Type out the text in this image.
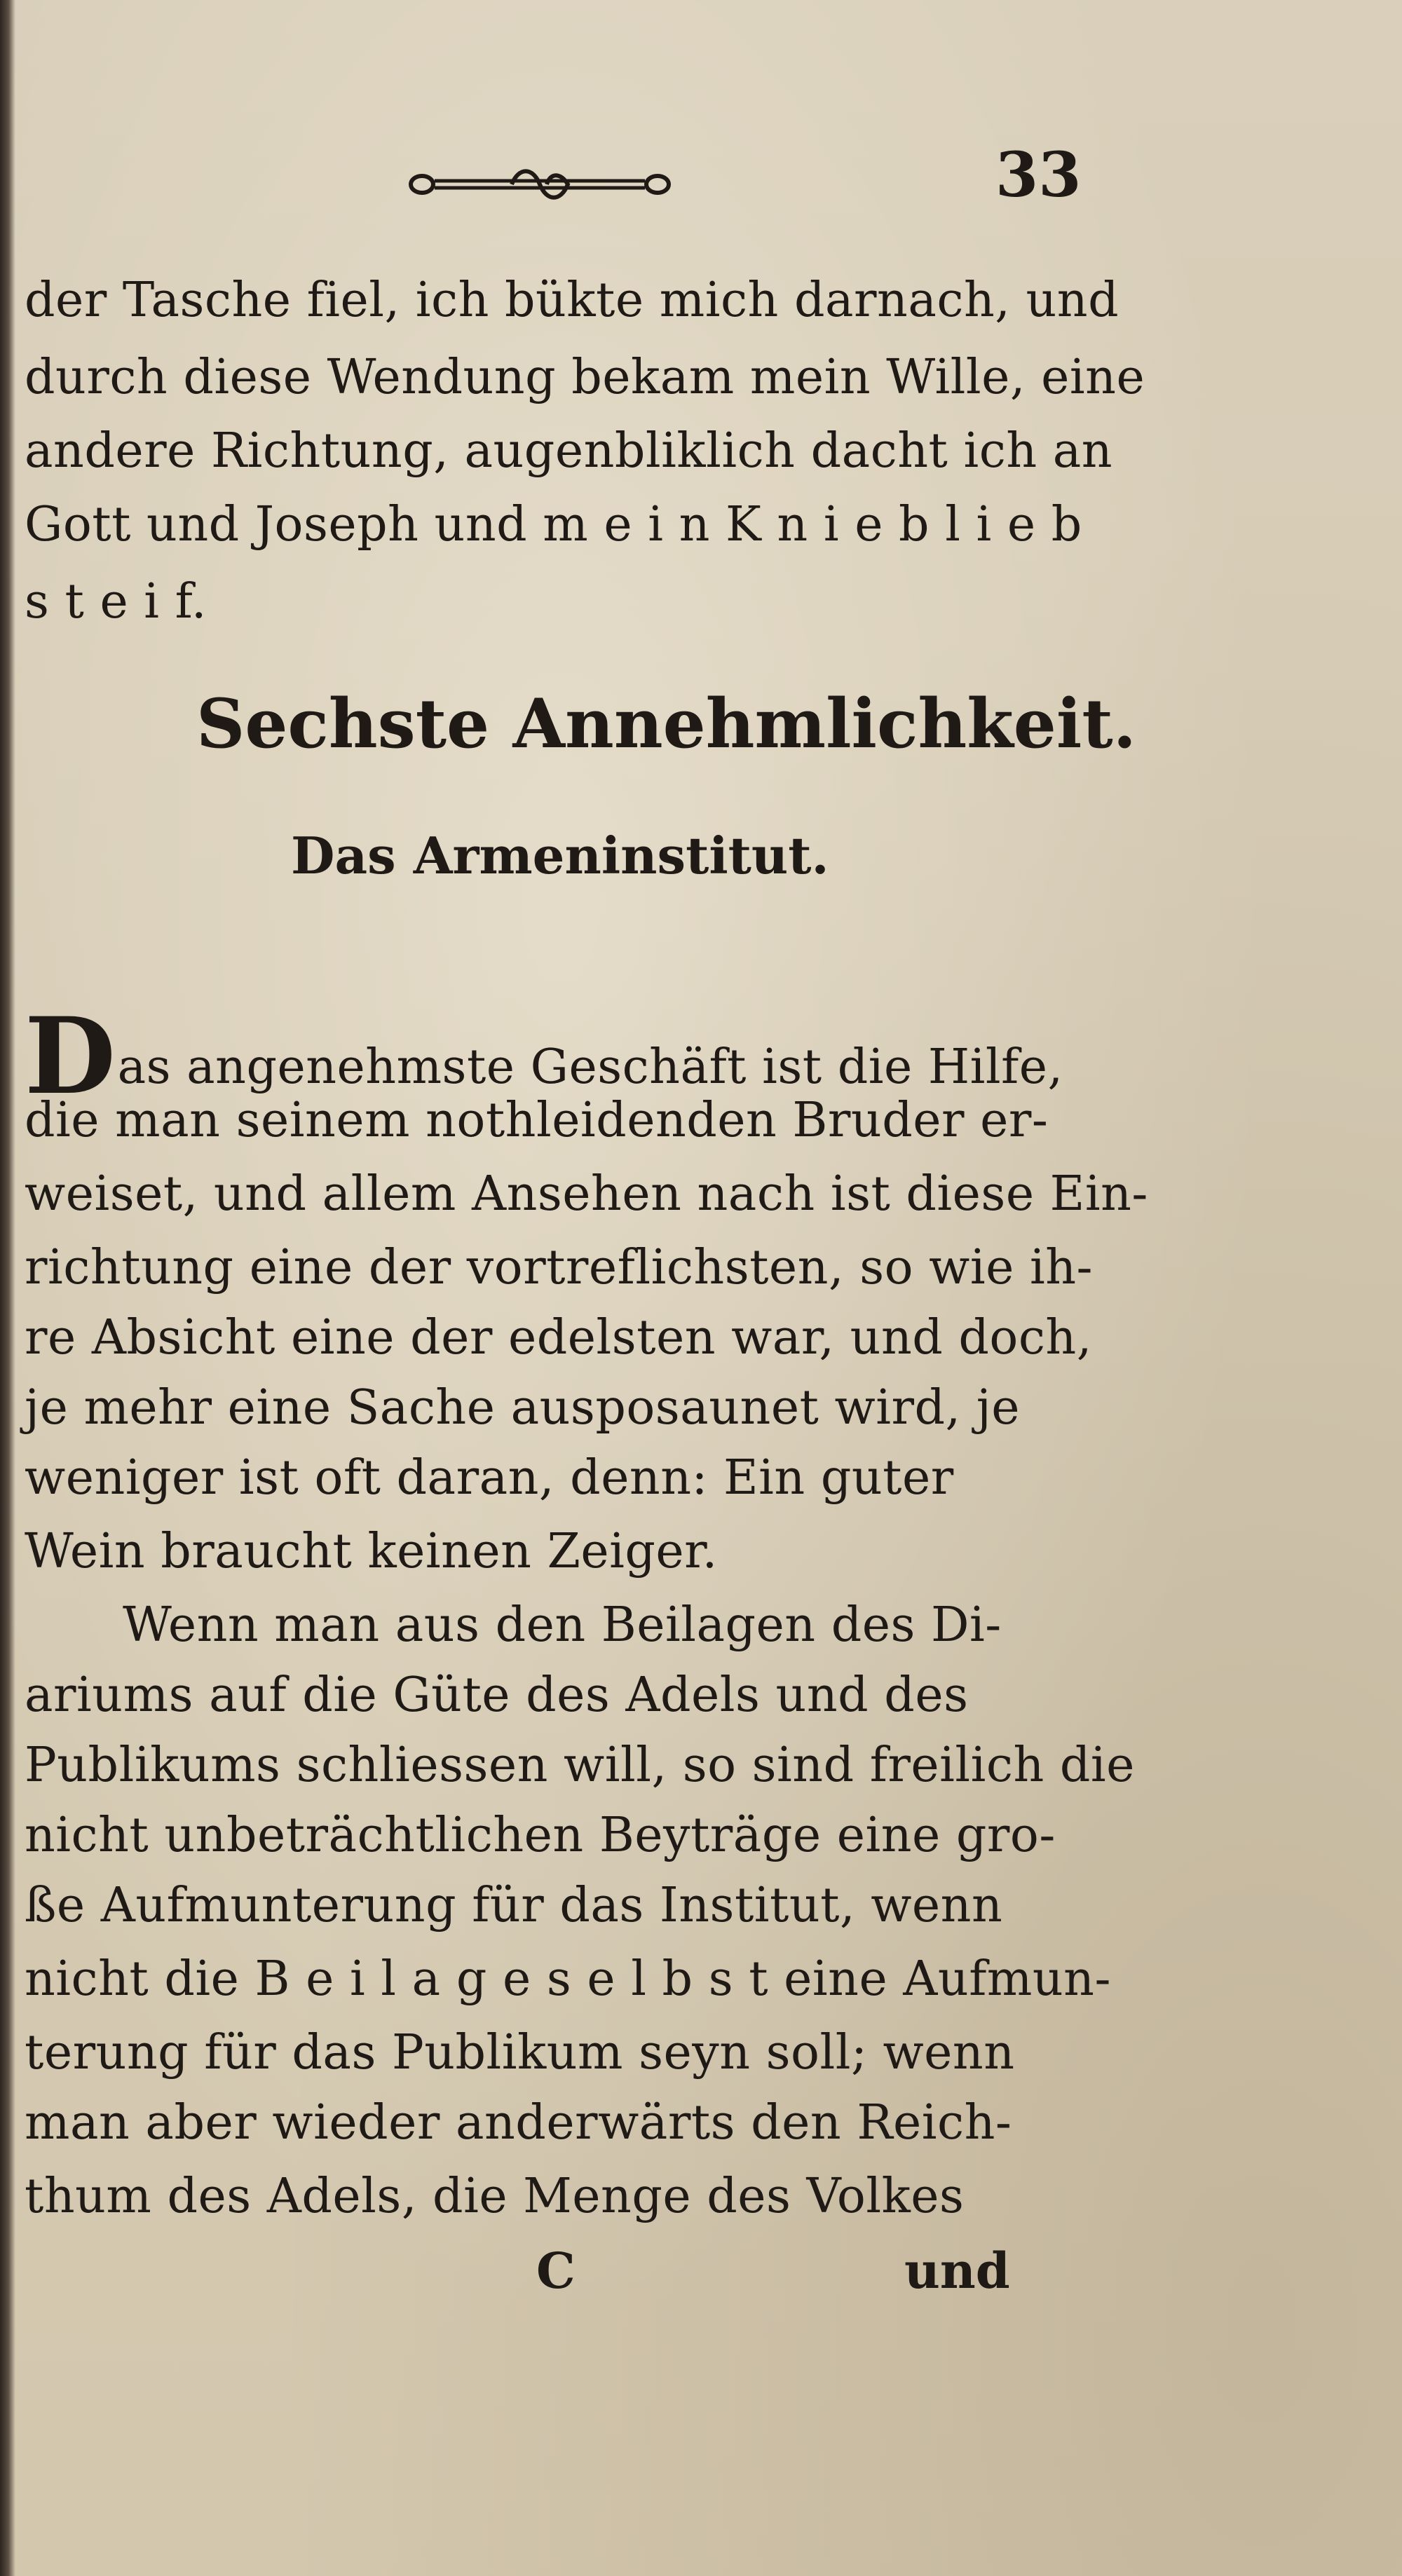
33

der Tasche fiel, ich bükte mich darnach, und

durch diese Wendung bekam mein Wille, eine

andere Richtung, augenbliklich dacht ich an

Gott und Joseph und m e i n K n i e b l i e b

s t e i f.

Sechste Annehmlichkeit.
Das Armeninstitut.

Das angenehmste Geschäft ist die Hilfe,

die man seinem nothleidenden Bruder er-

weiset, und allem Ansehen nach ist diese Ein-

richtung eine der vortreflichsten, so wie ih-

re Absicht eine der edelsten war, und doch,

je mehr eine Sache ausposaunet wird, je

weniger ist oft daran, denn: Ein guter

Wein braucht keinen Zeiger.

Wenn man aus den Beilagen des Di-

ariums auf die Güte des Adels und des

Publikums schliessen will, so sind freilich die

nicht unbeträchtlichen Beyträge eine gro-

ße Aufmunterung für das Institut, wenn

nicht die B e i l a g e s e l b s t eine Aufmun-

terung für das Publikum seyn soll; wenn

man aber wieder anderwärts den Reich-

thum des Adels, die Menge des Volkes

C	und
